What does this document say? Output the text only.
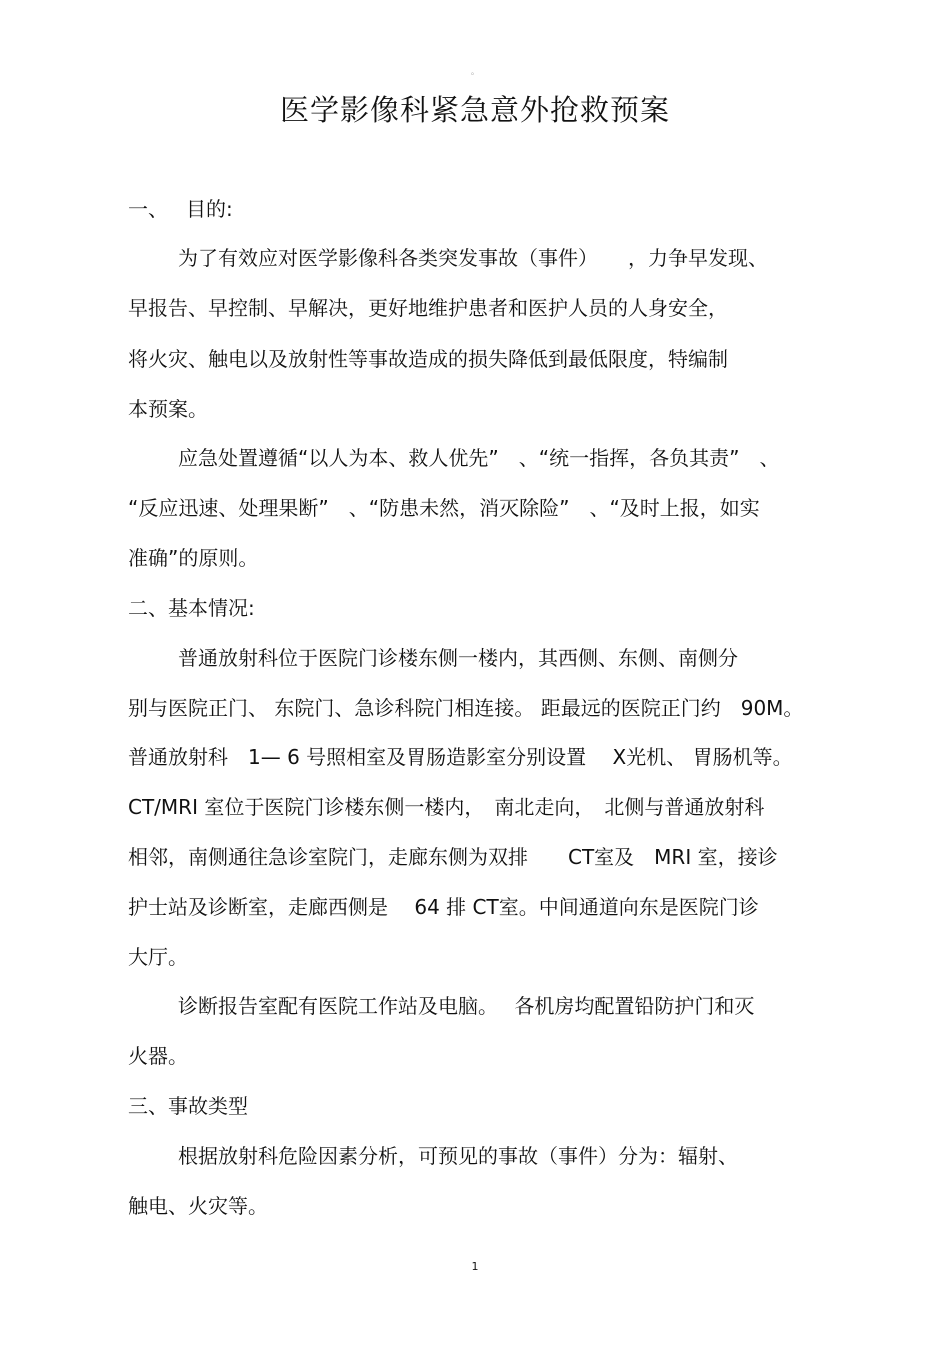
。
医学影像科紧急意外抢救预案
一、 目的:
为了有效应对医学影像科各类突发事故（事件）　　，力争早发现、
早报告、早控制、早解决，更好地维护患者和医护人员的人身安全，
将火灾、触电以及放射性等事故造成的损失降低到最低限度，特编制
本预案。
应急处置遵循“以人为本、救人优先”　、“统一指挥，各负其责”　、
“反应迅速、处理果断”　、“防患未然，消灭除险”　、“及时上报，如实
准确”的原则。
二、基本情况:
普通放射科位于医院门诊楼东侧一楼内，其西侧、东侧、南侧分
别与医院正门、 东院门、急诊科院门相连接。 距最远的医院正门约　90M。
普通放射科　1— 6 号照相室及胃肠造影室分别设置　 X光机、 胃肠机等。
CT/MRI 室位于医院门诊楼东侧一楼内，　南北走向，　北侧与普通放射科
相邻，南侧通往急诊室院门，走廊东侧为双排　　CT室及　MRI 室，接诊
护士站及诊断室，走廊西侧是　 64 排 CT室。中间通道向东是医院门诊
大厅。
诊断报告室配有医院工作站及电脑。　 各机房均配置铅防护门和灭
火器。
三、事故类型
根据放射科危险因素分析，可预见的事故（事件）分为：辐射、
触电、火灾等。
1
